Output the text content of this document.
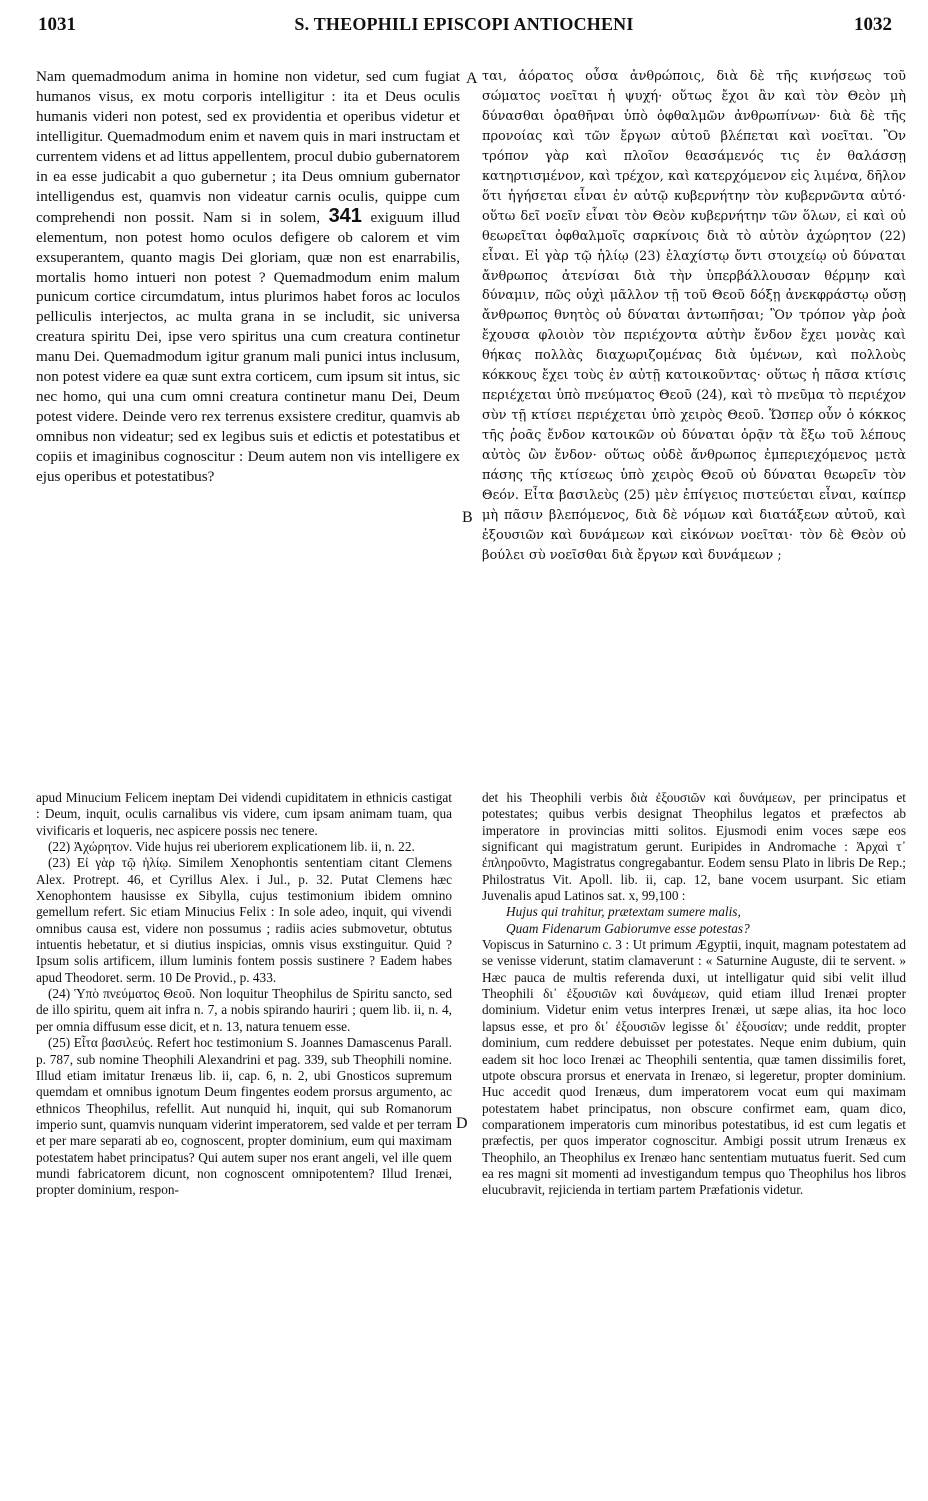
S. THEOPHILI EPISCOPI ANTIOCHENI
1031	1032

Nam quemadmodum anima in homine non videtur, sed cum fugiat humanos visus, ex motu corporis intelligitur : ita et Deus oculis humanis videri non potest, sed ex providentia et operibus videtur et intelligitur. Quemadmodum enim et navem quis in mari instructam et currentem videns et ad littus appellentem, procul dubio gubernatorem in ea esse judicabit a quo gubernetur ; ita Deus omnium gubernator intelligendus est, quamvis non videatur carnis oculis, quippe cum comprehendi non possit. Nam si in solem, 341 exiguum illud elementum, non potest homo oculos defigere ob calorem et vim exsuperantem, quanto magis Dei gloriam, quæ non est enarrabilis, mortalis homo intueri non potest ? Quemadmodum enim malum punicum cortice circumdatum, intus plurimos habet foros ac loculos pelliculis interjectos, ac multa grana in se includit, sic universa creatura spiritu Dei, ipse vero spiritus una cum creatura continetur manu Dei. Quemadmodum igitur granum mali punici intus inclusum, non potest videre ea quæ sunt extra corticem, cum ipsum sit intus, sic nec homo, qui una cum omni creatura continetur manu Dei, Deum potest videre. Deinde vero rex terrenus exsistere creditur, quamvis ab omnibus non videatur; sed ex legibus suis et edictis et potestatibus et copiis et imaginibus cognoscitur : Deum autem non vis intelligere ex ejus operibus et potestatibus?

A
B
D

ται, ἀόρατος οὖσα ἀνθρώποις, διὰ δὲ τῆς κινήσεως τοῦ σώματος νοεῖται ἡ ψυχή· οὕτως ἔχοι ἂν καὶ τὸν Θεὸν μὴ δύνασθαι ὁραθῆναι ὑπὸ ὀφθαλμῶν ἀνθρωπίνων· διὰ δὲ τῆς προνοίας καὶ τῶν ἔργων αὐτοῦ βλέπεται καὶ νοεῖται. Ὃν τρόπον γὰρ καὶ πλοῖον θεασάμενός τις ἐν θαλάσσῃ κατηρτισμένον, καὶ τρέχον, καὶ κατερχόμενον εἰς λιμένα, δῆλον ὅτι ἡγήσεται εἶναι ἐν αὐτῷ κυβερνήτην τὸν κυβερνῶντα αὐτό· οὕτω δεῖ νοεῖν εἶναι τὸν Θεὸν κυβερνήτην τῶν ὅλων, εἰ καὶ οὐ θεωρεῖται ὀφθαλμοῖς σαρκίνοις διὰ τὸ αὐτὸν ἀχώρητον (22) εἶναι. Εἰ γὰρ τῷ ἡλίῳ (23) ἐλαχίστῳ ὄντι στοιχείῳ οὐ δύναται ἄνθρωπος ἀτενίσαι διὰ τὴν ὑπερβάλλουσαν θέρμην καὶ δύναμιν, πῶς οὐχὶ μᾶλλον τῇ τοῦ Θεοῦ δόξῃ ἀνεκφράστῳ οὔσῃ ἄνθρωπος θνητὸς οὐ δύναται ἀντωπῆσαι; Ὃν τρόπον γὰρ ῥοὰ ἔχουσα φλοιὸν τὸν περιέχοντα αὐτὴν ἔνδον ἔχει μονὰς καὶ θήκας πολλὰς διαχωριζομένας διὰ ὑμένων, καὶ πολλοὺς κόκκους ἔχει τοὺς ἐν αὐτῇ κατοικοῦντας· οὕτως ἡ πᾶσα κτίσις περιέχεται ὑπὸ πνεύματος Θεοῦ (24), καὶ τὸ πνεῦμα τὸ περιέχον σὺν τῇ κτίσει περιέχεται ὑπὸ χειρὸς Θεοῦ. Ὥσπερ οὖν ὁ κόκκος τῆς ῥοᾶς ἔνδον κατοικῶν οὐ δύναται ὁρᾷν τὰ ἔξω τοῦ λέπους αὐτὸς ὢν ἔνδον· οὕτως οὐδὲ ἄνθρωπος ἐμπεριεχόμενος μετὰ πάσης τῆς κτίσεως ὑπὸ χειρὸς Θεοῦ οὐ δύναται θεωρεῖν τὸν Θεόν. Εἶτα βασιλεὺς (25) μὲν ἐπίγειος πιστεύεται εἶναι, καίπερ μὴ πᾶσιν βλεπόμενος, διὰ δὲ νόμων καὶ διατάξεων αὐτοῦ, καὶ ἐξουσιῶν καὶ δυνάμεων καὶ εἰκόνων νοεῖται· τὸν δὲ Θεὸν οὐ βούλει σὺ νοεῖσθαι διὰ ἔργων καὶ δυνάμεων ;

apud Minucium Felicem ineptam Dei videndi cupiditatem in ethnicis castigat : Deum, inquit, oculis carnalibus vis videre, cum ipsam animam tuam, qua vivificaris et loqueris, nec aspicere possis nec tenere.

(22) Ἀχώρητον. Vide hujus rei uberiorem explicationem lib. ii, n. 22.

(23) Εἰ γὰρ τῷ ἡλίῳ. Similem Xenophontis sententiam citant Clemens Alex. Protrept. 46, et Cyrillus Alex. i Jul., p. 32. Putat Clemens hæc Xenophontem hausisse ex Sibylla, cujus testimonium ibidem omnino gemellum refert. Sic etiam Minucius Felix : In sole adeo, inquit, qui vivendi omnibus causa est, videre non possumus ; radiis acies submovetur, obtutus intuentis hebetatur, et si diutius inspicias, omnis visus exstinguitur. Quid ? Ipsum solis artificem, illum luminis fontem possis sustinere ? Eadem habes apud Theodoret. serm. 10 De Provid., p. 433.

(24) Ὑπὸ πνεύματος Θεοῦ. Non loquitur Theophilus de Spiritu sancto, sed de illo spiritu, quem ait infra n. 7, a nobis spirando hauriri ; quem lib. ii, n. 4, per omnia diffusum esse dicit, et n. 13, natura tenuem esse.

(25) Εἶτα βασιλεύς. Refert hoc testimonium S. Joannes Damascenus Parall. p. 787, sub nomine Theophili Alexandrini et pag. 339, sub Theophili nomine. Illud etiam imitatur Irenæus lib. ii, cap. 6, n. 2, ubi Gnosticos supremum quemdam et omnibus ignotum Deum fingentes eodem prorsus argumento, ac ethnicos Theophilus, refellit. Aut nunquid hi, inquit, qui sub Romanorum imperio sunt, quamvis nunquam viderint imperatorem, sed valde et per terram et per mare separati ab eo, cognoscent, propter dominium, eum qui maximam potestatem habet principatus? Qui autem super nos erant angeli, vel ille quem mundi fabricatorem dicunt, non cognoscent omnipotentem? Illud Irenæi, propter dominium, respon-

det his Theophili verbis διὰ ἐξουσιῶν καὶ δυνάμεων, per principatus et potestates; quibus verbis designat Theophilus legatos et præfectos ab imperatore in provincias mitti solitos. Ejusmodi enim voces sæpe eos significant qui magistratum gerunt. Euripides in Andromache : Ἀρχαὶ τ᾽ ἐπληροῦντο, Magistratus congregabantur. Eodem sensu Plato in libris De Rep.; Philostratus Vit. Apoll. lib. ii, cap. 12, bane vocem usurpant. Sic etiam Juvenalis apud Latinos sat. x, 99,100 :

Hujus qui trahitur, prætextam sumere malis,

Quam Fidenarum Gabiorumve esse potestas?

Vopiscus in Saturnino c. 3 : Ut primum Ægyptii, inquit, magnam potestatem ad se venisse viderunt, statim clamaverunt : « Saturnine Auguste, dii te servent. » Hæc pauca de multis referenda duxi, ut intelligatur quid sibi velit illud Theophili δι᾽ ἐξουσιῶν καὶ δυνάμεων, quid etiam illud Irenæi propter dominium. Videtur enim vetus interpres Irenæi, ut sæpe alias, ita hoc loco lapsus esse, et pro δι᾽ ἐξουσιῶν legisse δι᾽ ἐξουσίαν; unde reddit, propter dominium, cum reddere debuisset per potestates. Neque enim dubium, quin eadem sit hoc loco Irenæi ac Theophili sententia, quæ tamen dissimilis foret, utpote obscura prorsus et enervata in Irenæo, si legeretur, propter dominium. Huc accedit quod Irenæus, dum imperatorem vocat eum qui maximam potestatem habet principatus, non obscure confirmet eam, quam dico, comparationem imperatoris cum minoribus potestatibus, id est cum legatis et præfectis, per quos imperator cognoscitur. Ambigi possit utrum Irenæus ex Theophilo, an Theophilus ex Irenæo hanc sententiam mutuatus fuerit. Sed cum ea res magni sit momenti ad investigandum tempus quo Theophilus hos libros elucubravit, rejicienda in tertiam partem Præfationis videtur.
